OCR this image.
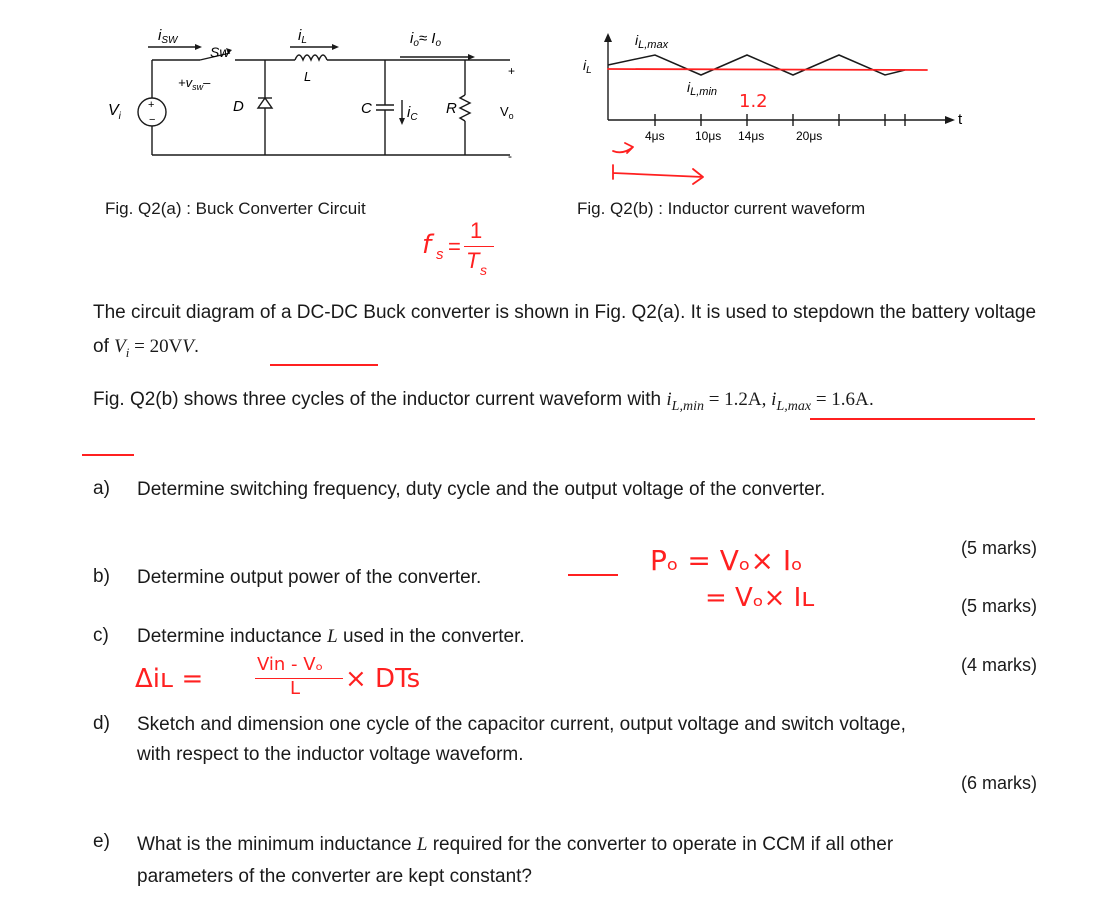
+
−
$i_{SW}$
Sw
$+v_{sw}-$
$i_L$
L
$i_o\approx I_o$
$V_i$
D	C $i_C$
R
+
$V_o$
-
Fig. Q2(a) : Buck Converter Circuit
$i_L$
$i_{L,max}$
$i_{L,min}$
t
4μs	10μs 14μs	20μs
1.2
Fig. Q2(b) : Inductor current waveform
f s =
1
T s
The circuit diagram of a DC-DC Buck converter is shown in Fig. Q2(a). It is used to stepdown the battery voltage of $V_i = 20VV$.
Fig. Q2(b) shows three cycles of the inductor current waveform with $i_{L,min} = 1.2A$, $i_{L,max} = 1.6A$.
a) Determine switching frequency, duty cycle and the output voltage of the converter.
(5 marks)
b) Determine output power of the converter.
(5 marks)
Pₒ = Vₒ× Iₒ
= Vₒ× Iʟ
c) Determine inductance L used in the converter.
(4 marks)
Δiʟ =	Vin - Vₒ
L × DTs
d) Sketch and dimension one cycle of the capacitor current, output voltage and switch voltage,
with respect to the inductor voltage waveform.
(6 marks)
e) What is the minimum inductance L required for the converter to operate in CCM if all other
parameters of the converter are kept constant?
